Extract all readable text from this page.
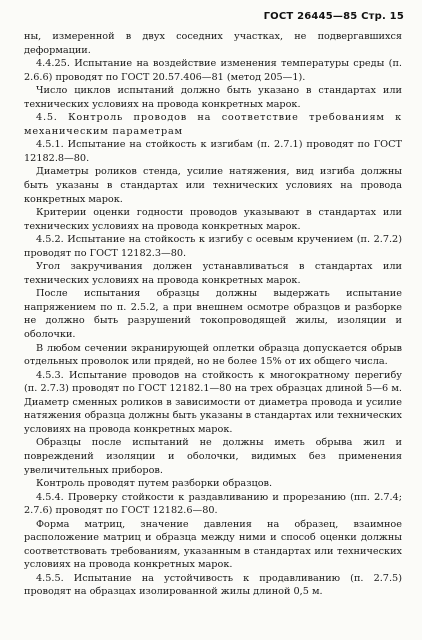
ГОСТ 26445—85 Стр. 15

ны, измеренной в двух соседних участках, не подвергавшихся деформации.

4.4.25. Испытание на воздействие изменения температуры среды (п. 2.6.6) проводят по ГОСТ 20.57.406—81 (метод 205—1).

Число циклов испытаний должно быть указано в стандартах или технических условиях на провода конкретных марок.

4.5. Контроль проводов на соответствие требованиям к механическим параметрам

4.5.1. Испытание на стойкость к изгибам (п. 2.7.1) проводят по ГОСТ 12182.8—80.

Диаметры роликов стенда, усилие натяжения, вид изгиба должны быть указаны в стандартах или технических условиях на провода конкретных марок.

Критерии оценки годности проводов указывают в стандартах или технических условиях на провода конкретных марок.

4.5.2. Испытание на стойкость к изгибу с осевым кручением (п. 2.7.2) проводят по ГОСТ 12182.3—80.

Угол закручивания должен устанавливаться в стандартах или технических условиях на провода конкретных марок.

После испытания образцы должны выдержать испытание напряжением по п. 2.5.2, а при внешнем осмотре образцов и разборке не должно быть разрушений токопроводящей жилы, изоляции и оболочки.

В любом сечении экранирующей оплетки образца допускается обрыв отдельных проволок или прядей, но не более 15% от их общего числа.

4.5.3. Испытание проводов на стойкость к многократному перегибу (п. 2.7.3) проводят по ГОСТ 12182.1—80 на трех образцах длиной 5—6 м. Диаметр сменных роликов в зависимости от диаметра провода и усилие натяжения образца должны быть указаны в стандартах или технических условиях на провода конкретных марок.

Образцы после испытаний не должны иметь обрыва жил и повреждений изоляции и оболочки, видимых без применения увеличительных приборов.

Контроль проводят путем разборки образцов.

4.5.4. Проверку стойкости к раздавливанию и прорезанию (пп. 2.7.4; 2.7.6) проводят по ГОСТ 12182.6—80.

Форма матриц, значение давления на образец, взаимное расположение матриц и образца между ними и способ оценки должны соответствовать требованиям, указанным в стандартах или технических условиях на провода конкретных марок.

4.5.5. Испытание на устойчивость к продавливанию (п. 2.7.5) проводят на образцах изолированной жилы длиной 0,5 м.
